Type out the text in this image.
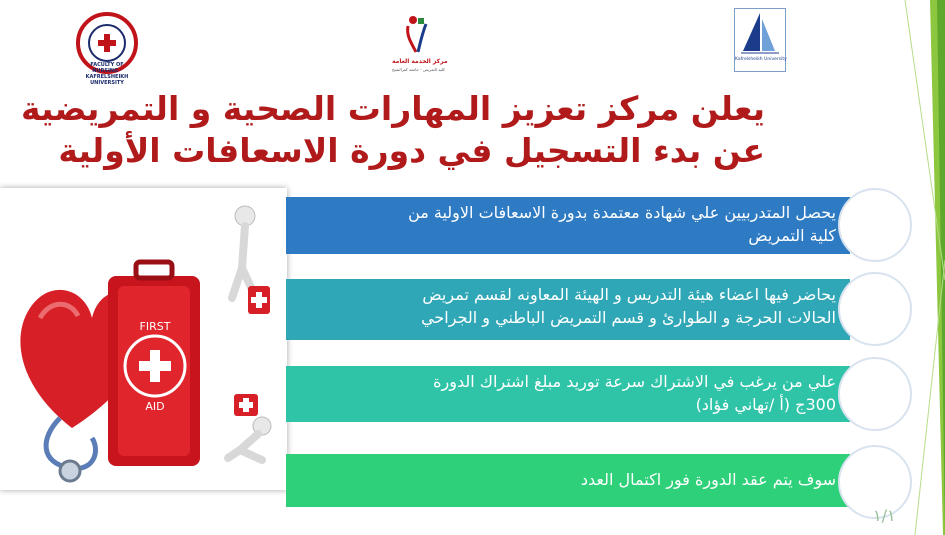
FACULTY OF NURSING · KAFRELSHEIKH UNIVERSITY
مركز الخدمة العامة
كلية التمريض - جامعة كفرالشيخ
Kafrelsheikh University
يعلن مركز تعزيز المهارات الصحية و التمريضية
عن بدء التسجيل في دورة الاسعافات الأولية
FIRST
AID
يحصل المتدربيين علي شهادة معتمدة بدورة الاسعافات الاولية من
كلية التمريض
يحاضر فيها اعضاء هيئة التدريس و الهيئة المعاونه لقسم تمريض
الحالات الحرجة و الطوارئ و قسم التمريض الباطني و الجراحي
علي من يرغب في الاشتراك سرعة توريد مبلغ اشتراك الدورة
300ج (أ /تهاني فؤاد)
سوف يتم عقد الدورة فور اكتمال العدد
١/١
